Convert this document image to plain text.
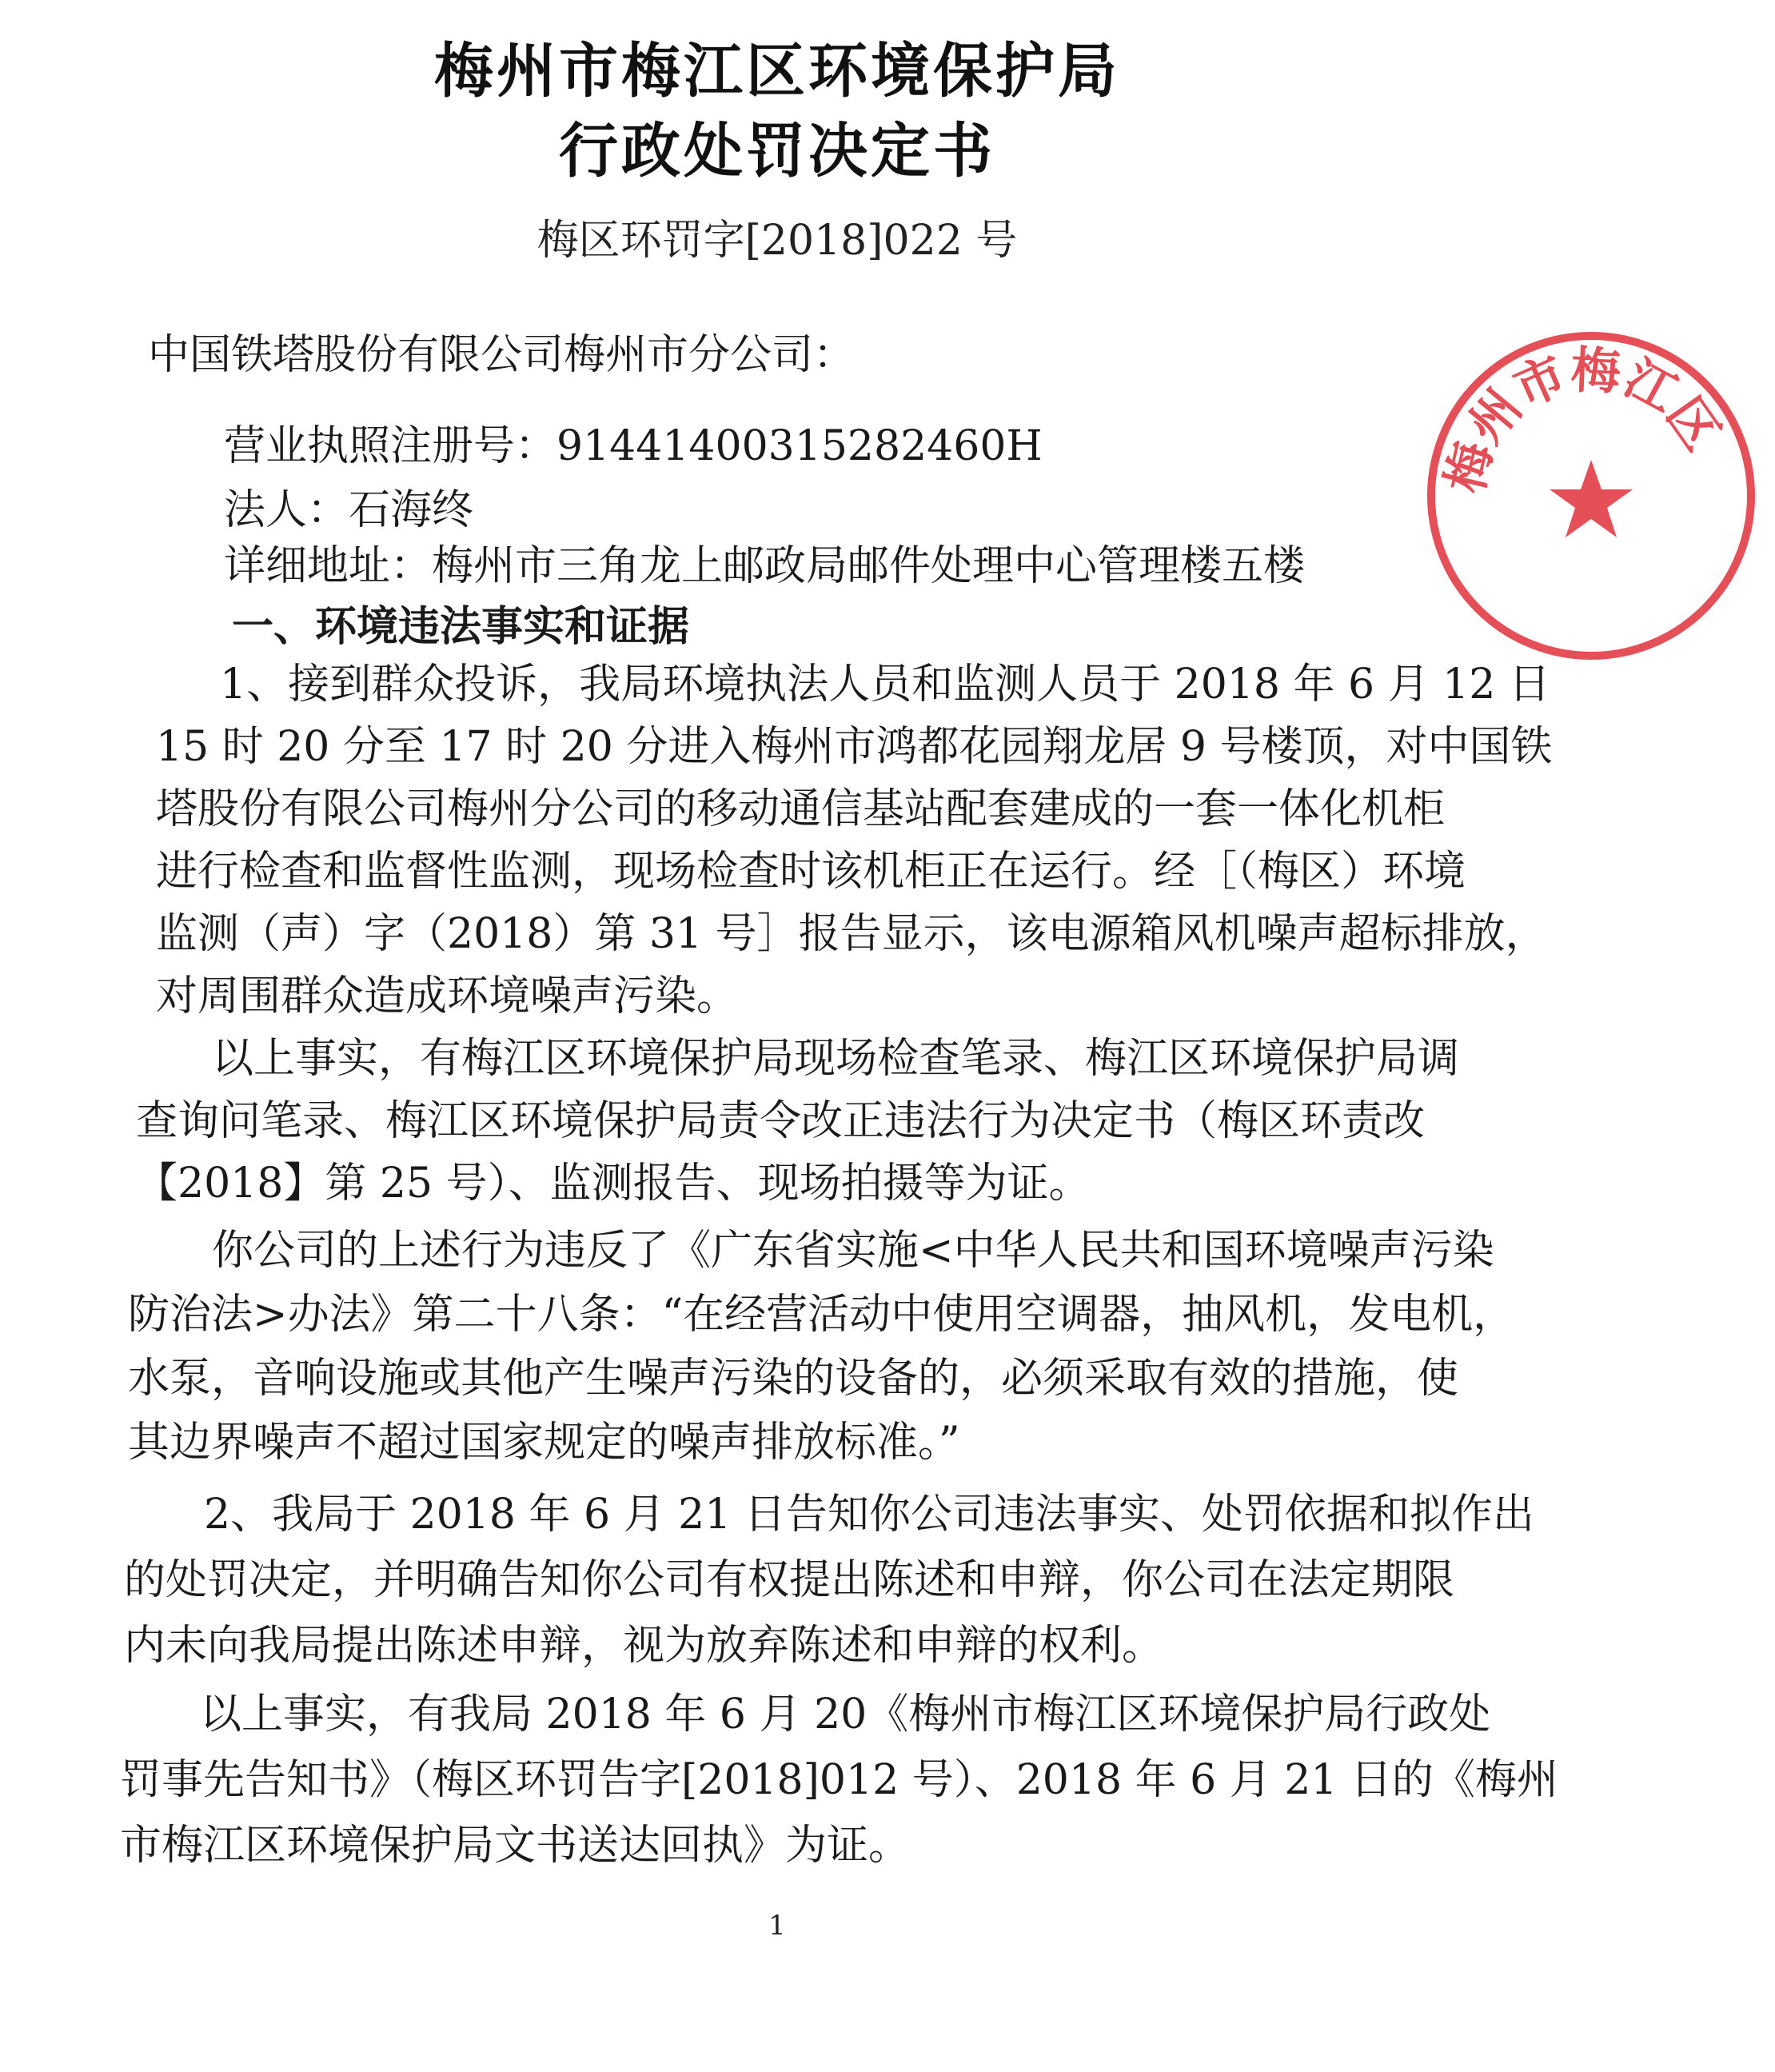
梅州市梅江区环境保护局
行政处罚决定书
梅区环罚字[2018]022 号
中国铁塔股份有限公司梅州市分公司：
营业执照注册号：91441400315282460H
法人：石海终
详细地址：梅州市三角龙上邮政局邮件处理中心管理楼五楼
一、环境违法事实和证据
1、接到群众投诉，我局环境执法人员和监测人员于 2018 年 6 月 12 日
15 时 20 分至 17 时 20 分进入梅州市鸿都花园翔龙居 9 号楼顶，对中国铁
塔股份有限公司梅州分公司的移动通信基站配套建成的一套一体化机柜
进行检查和监督性监测，现场检查时该机柜正在运行。经［（梅区）环境
监测（声）字（2018）第 31 号］报告显示，该电源箱风机噪声超标排放，
对周围群众造成环境噪声污染。
以上事实，有梅江区环境保护局现场检查笔录、梅江区环境保护局调
查询问笔录、梅江区环境保护局责令改正违法行为决定书（梅区环责改
【2018】第 25 号）、监测报告、现场拍摄等为证。
你公司的上述行为违反了《广东省实施<中华人民共和国环境噪声污染
防治法>办法》第二十八条：“在经营活动中使用空调器，抽风机，发电机，
水泵，音响设施或其他产生噪声污染的设备的，必须采取有效的措施，使
其边界噪声不超过国家规定的噪声排放标准。”
2、我局于 2018 年 6 月 21 日告知你公司违法事实、处罚依据和拟作出
的处罚决定，并明确告知你公司有权提出陈述和申辩，你公司在法定期限
内未向我局提出陈述申辩，视为放弃陈述和申辩的权利。
以上事实，有我局 2018 年 6 月 20《梅州市梅江区环境保护局行政处
罚事先告知书》（梅区环罚告字[2018]012 号）、2018 年 6 月 21 日的《梅州
市梅江区环境保护局文书送达回执》为证。
1
梅州市梅江区
